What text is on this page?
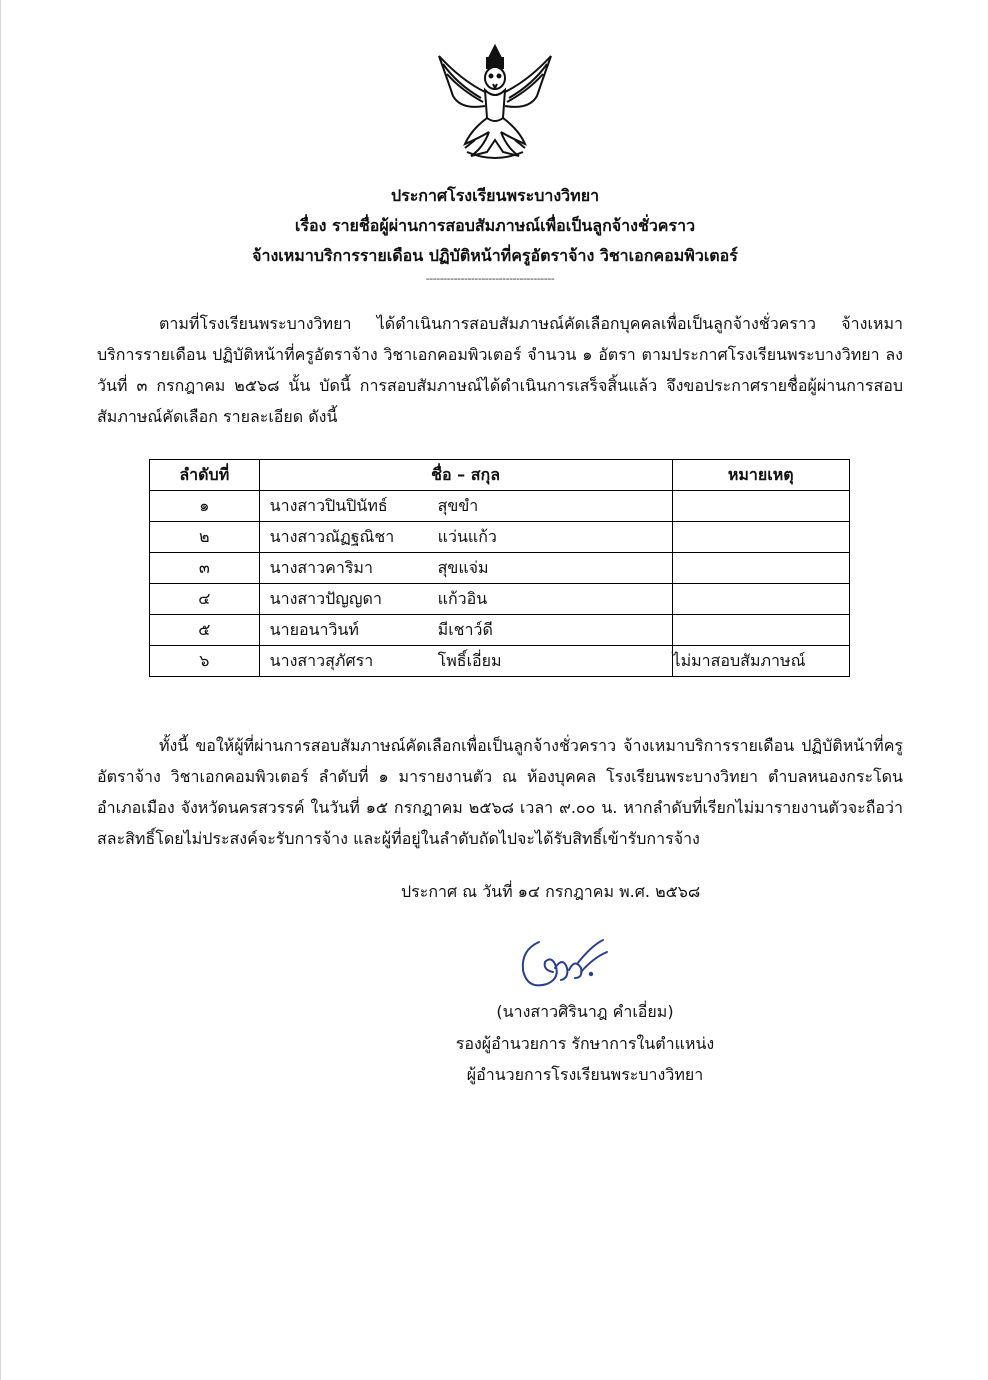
ประกาศโรงเรียนพระบางวิทยา
เรื่อง รายชื่อผู้ผ่านการสอบสัมภาษณ์เพื่อเป็นลูกจ้างชั่วคราว
จ้างเหมาบริการรายเดือน ปฏิบัติหน้าที่ครูอัตราจ้าง วิชาเอกคอมพิวเตอร์
-------------------------------------
ตามที่โรงเรียนพระบางวิทยา ได้ดำเนินการสอบสัมภาษณ์คัดเลือกบุคคลเพื่อเป็นลูกจ้างชั่วคราว จ้างเหมาบริการรายเดือน ปฏิบัติหน้าที่ครูอัตราจ้าง วิชาเอกคอมพิวเตอร์ จำนวน ๑ อัตรา ตามประกาศโรงเรียนพระบางวิทยา ลงวันที่ ๓ กรกฎาคม ๒๕๖๘ นั้น บัดนี้ การสอบสัมภาษณ์ได้ดำเนินการเสร็จสิ้นแล้ว จึงขอประกาศรายชื่อผู้ผ่านการสอบสัมภาษณ์คัดเลือก รายละเอียด ดังนี้
ลำดับที่	ชื่อ – สกุล	หมายเหตุ
๑	นางสาวปินปินัทธ์ สุขขำ	
๒	นางสาวณัฏฐณิชา แว่นแก้ว	
๓	นางสาวคาริมา สุขแจ่ม	
๔	นางสาวปัญญดา แก้วอิน	
๕	นายอนาวินท์ มีเชาว์ดี	
๖	นางสาวสุภัศรา โพธิ์เอี่ยม	ไม่มาสอบสัมภาษณ์
ทั้งนี้ ขอให้ผู้ที่ผ่านการสอบสัมภาษณ์คัดเลือกเพื่อเป็นลูกจ้างชั่วคราว จ้างเหมาบริการรายเดือน ปฏิบัติหน้าที่ครูอัตราจ้าง วิชาเอกคอมพิวเตอร์ ลำดับที่ ๑ มารายงานตัว ณ ห้องบุคคล โรงเรียนพระบางวิทยา ตำบลหนองกระโดน อำเภอเมือง จังหวัดนครสวรรค์ ในวันที่ ๑๕ กรกฎาคม ๒๕๖๘ เวลา ๙.๐๐ น. หากลำดับที่เรียกไม่มารายงานตัวจะถือว่าสละสิทธิ์โดยไม่ประสงค์จะรับการจ้าง และผู้ที่อยู่ในลำดับถัดไปจะได้รับสิทธิ์เข้ารับการจ้าง
ประกาศ ณ วันที่ ๑๔ กรกฎาคม พ.ศ. ๒๕๖๘
(นางสาวศิรินาฎ คำเอี่ยม)
รองผู้อำนวยการ รักษาการในตำแหน่ง
ผู้อำนวยการโรงเรียนพระบางวิทยา
